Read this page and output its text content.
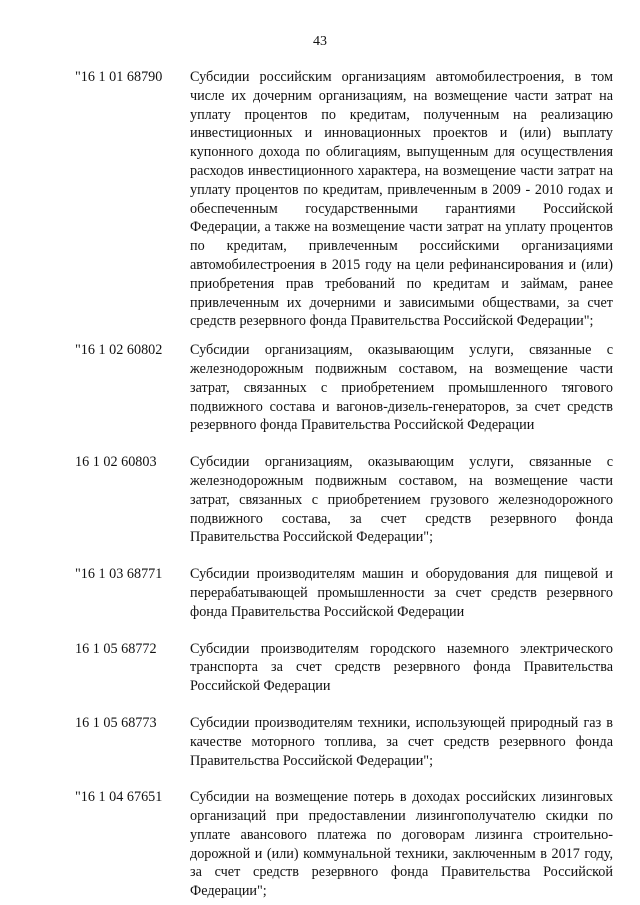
43
"16 1 01 68790	Субсидии российским организациям автомобилестроения, в том числе их дочерним организациям, на возмещение части затрат на уплату процентов по кредитам, полученным на реализацию инвестиционных и инновационных проектов и (или) выплату купонного дохода по облигациям, выпущенным для осуществления расходов инвестиционного характера, на возмещение части затрат на уплату процентов по кредитам, привлеченным в 2009 - 2010 годах и обеспеченным государственными гарантиями Российской Федерации, а также на возмещение части затрат на уплату процентов по кредитам, привлеченным российскими организациями автомобилестроения в 2015 году на цели рефинансирования и (или) приобретения прав требований по кредитам и займам, ранее привлеченным их дочерними и зависимыми обществами, за счет средств резервного фонда Правительства Российской Федерации";

"16 1 02 60802	Субсидии организациям, оказывающим услуги, связанные с железнодорожным подвижным составом, на возмещение части затрат, связанных с приобретением промышленного тягового подвижного состава и вагонов-дизель-генераторов, за счет средств резервного фонда Правительства Российской Федерации

16 1 02 60803	Субсидии организациям, оказывающим услуги, связанные с железнодорожным подвижным составом, на возмещение части затрат, связанных с приобретением грузового железнодорожного подвижного состава, за счет средств резервного фонда Правительства Российской Федерации";

"16 1 03 68771	Субсидии производителям машин и оборудования для пищевой и перерабатывающей промышленности за счет средств резервного фонда Правительства Российской Федерации

16 1 05 68772	Субсидии производителям городского наземного электрического транспорта за счет средств резервного фонда Правительства Российской Федерации

16 1 05 68773	Субсидии производителям техники, использующей природный газ в качестве моторного топлива, за счет средств резервного фонда Правительства Российской Федерации";

"16 1 04 67651	Субсидии на возмещение потерь в доходах российских лизинговых организаций при предоставлении лизингополучателю скидки по уплате авансового платежа по договорам лизинга строительно-дорожной и (или) коммунальной техники, заключенным в 2017 году, за счет средств резервного фонда Правительства Российской Федерации";
